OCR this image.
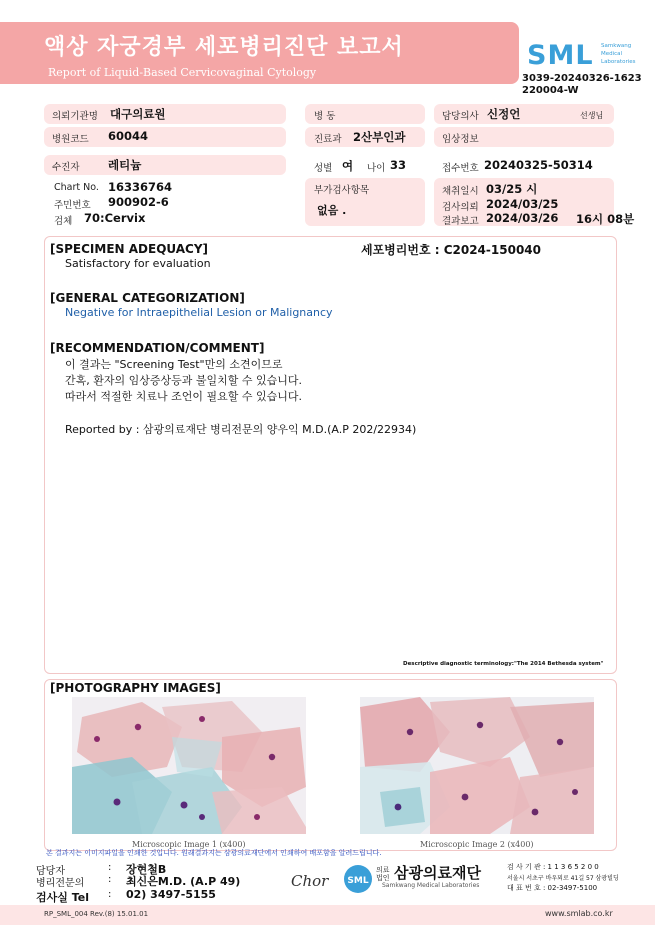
액상 자궁경부 세포병리진단 보고서
Report of Liquid-Based Cervicovaginal Cytology
SML Samkwang Medical Laboratories
3039-20240326-1623
220004-W
의뢰기관명 대구의료원	병 동	담당의사 신정언	선생님
병원코드 60044	진료과 2산부인과	임상정보
수진자 레티늄	성별 여 나이 33	접수번호 20240325-50314
Chart No. 16336764
주민번호 900902-6
검체 70:Cervix
부가검사항목
없음 .
채취일시 03/25 시
검사의뢰 2024/03/25
결과보고 2024/03/26 16시 08분
[SPECIMEN ADEQUACY]	세포병리번호 : C2024-150040
Satisfactory for evaluation
[GENERAL CATEGORIZATION]
Negative for Intraepithelial Lesion or Malignancy
[RECOMMENDATION/COMMENT]
이 결과는 "Screening Test"만의 소견이므로
간혹, 환자의 임상증상등과 불일치할 수 있습니다.
따라서 적절한 치료나 조언이 필요할 수 있습니다.
Reported by : 삼광의료재단 병리전문의 양우익 M.D.(A.P 202/22934)
Descriptive diagnostic terminology:"The 2014 Bethesda system"
[PHOTOGRAPHY IMAGES]
Microscopic Image 1 (x400)	Microscopic Image 2 (x400)
본 결과지는 이미지파일을 인쇄한 것입니다. 원래결과지는 삼광의료재단에서 인쇄하여 배포함을 알려드립니다.
담당자	: 장현철B
병리전문의 : 최신은M.D. (A.P 49)
검사실 Tel : 02) 3497-5155
Chor SML
의료법인 삼광의료재단
Samkwang Medical Laboratories
검 사 기 관 : 1 1 3 6 5 2 0 0
서울시 서초구 바우뫼로 41길 57 삼광빌딩
대 표 번 호 : 02-3497-5100
RP_SML_004 Rev.(8) 15.01.01	www.smlab.co.kr
